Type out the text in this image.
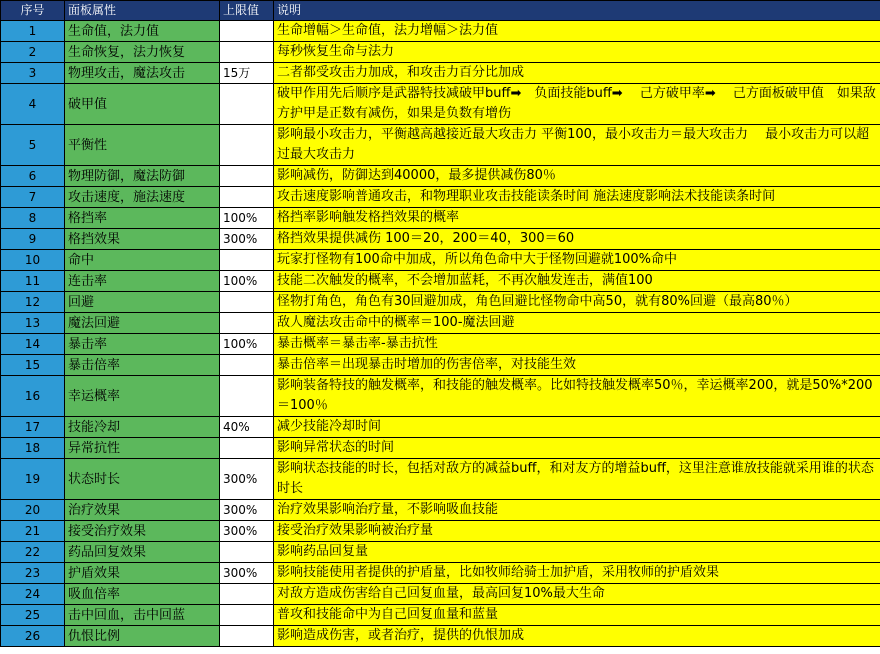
序号	面板属性	上限值	说明
1	生命值，法力值		生命增幅＞生命值，法力增幅＞法力值
2	生命恢复，法力恢复		每秒恢复生命与法力
3	物理攻击，魔法攻击	15万	二者都受攻击力加成，和攻击力百分比加成
4	破甲值		破甲作用先后顺序是武器特技减破甲buff➡　负面技能buff➡　 己方破甲率➡　 己方面板破甲值　如果敌方护甲是正数有减伤，如果是负数有增伤
5	平衡性		影响最小攻击力，平衡越高越接近最大攻击力 平衡100，最小攻击力＝最大攻击力　 最小攻击力可以超过最大攻击力
6	物理防御，魔法防御		影响减伤，防御达到40000，最多提供减伤80％
7	攻击速度，施法速度		攻击速度影响普通攻击，和物理职业攻击技能读条时间 施法速度影响法术技能读条时间
8	格挡率	100%	格挡率影响触发格挡效果的概率
9	格挡效果	300%	格挡效果提供减伤 100＝20，200＝40，300＝60
10	命中		玩家打怪物有100命中加成，所以角色命中大于怪物回避就100%命中
11	连击率	100%	技能二次触发的概率，不会增加蓝耗，不再次触发连击，满值100
12	回避		怪物打角色，角色有30回避加成，角色回避比怪物命中高50，就有80%回避（最高80％）
13	魔法回避		敌人魔法攻击命中的概率＝100-魔法回避
14	暴击率	100%	暴击概率＝暴击率-暴击抗性
15	暴击倍率		暴击倍率＝出现暴击时增加的伤害倍率，对技能生效
16	幸运概率		影响装备特技的触发概率，和技能的触发概率。比如特技触发概率50％，幸运概率200，就是50%*200＝100％
17	技能冷却	40%	减少技能冷却时间
18	异常抗性		影响异常状态的时间
19	状态时长	300%	影响状态技能的时长，包括对敌方的减益buff，和对友方的增益buff，这里注意谁放技能就采用谁的状态时长
20	治疗效果	300%	治疗效果影响治疗量，不影响吸血技能
21	接受治疗效果	300%	接受治疗效果影响被治疗量
22	药品回复效果		影响药品回复量
23	护盾效果	300%	影响技能使用者提供的护盾量，比如牧师给骑士加护盾，采用牧师的护盾效果
24	吸血倍率		对敌方造成伤害给自己回复血量，最高回复10%最大生命
25	击中回血，击中回蓝		普攻和技能命中为自己回复血量和蓝量
26	仇恨比例		影响造成伤害，或者治疗，提供的仇恨加成
